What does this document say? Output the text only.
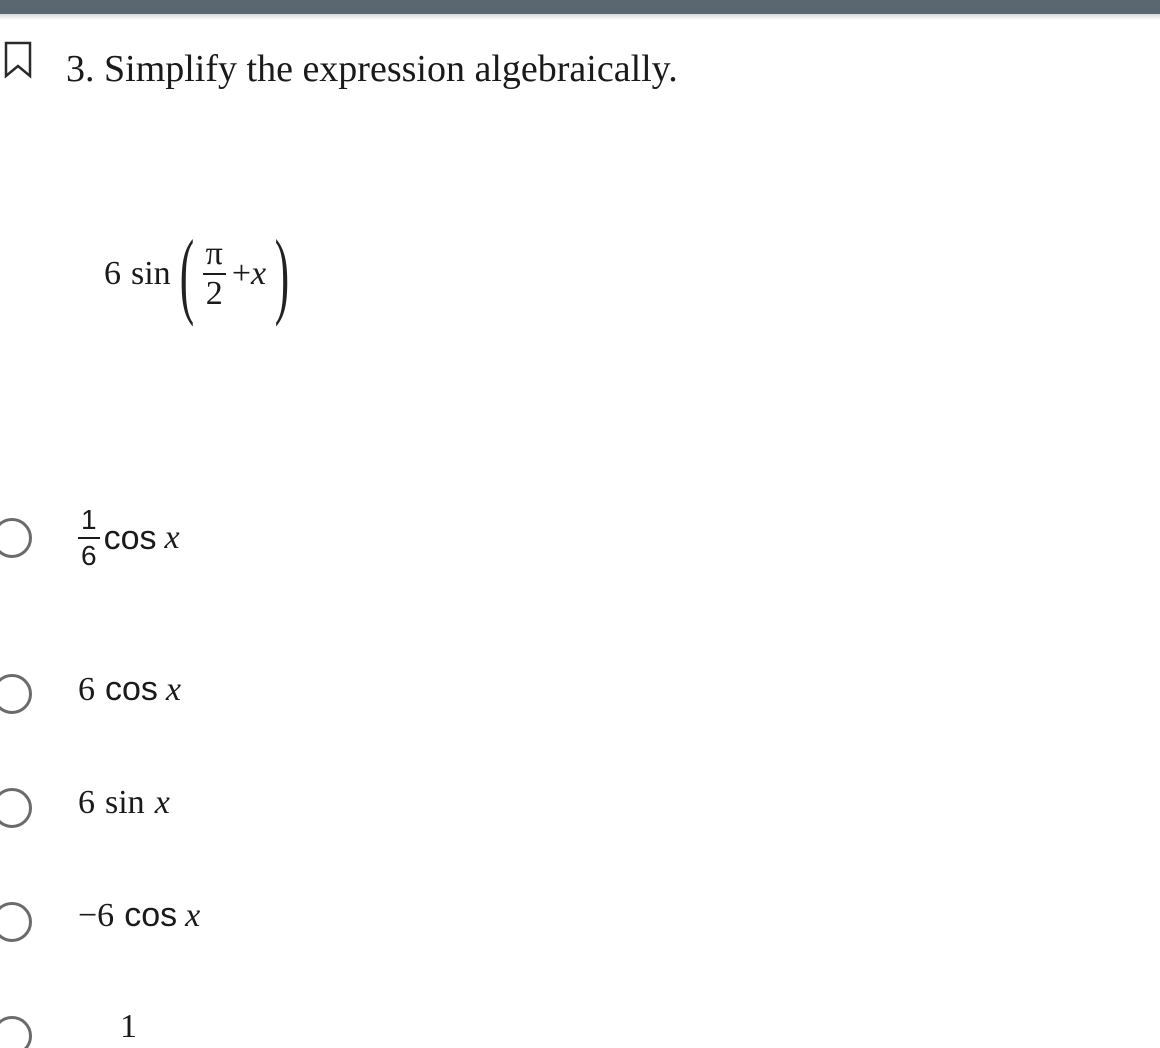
3. Simplify the expression algebraically.
6 sin ( $\frac{\pi}{2} + x$ )
$\frac{1}{6}$ cos x
6 cos x
6 sin x
−6 cos x
1
